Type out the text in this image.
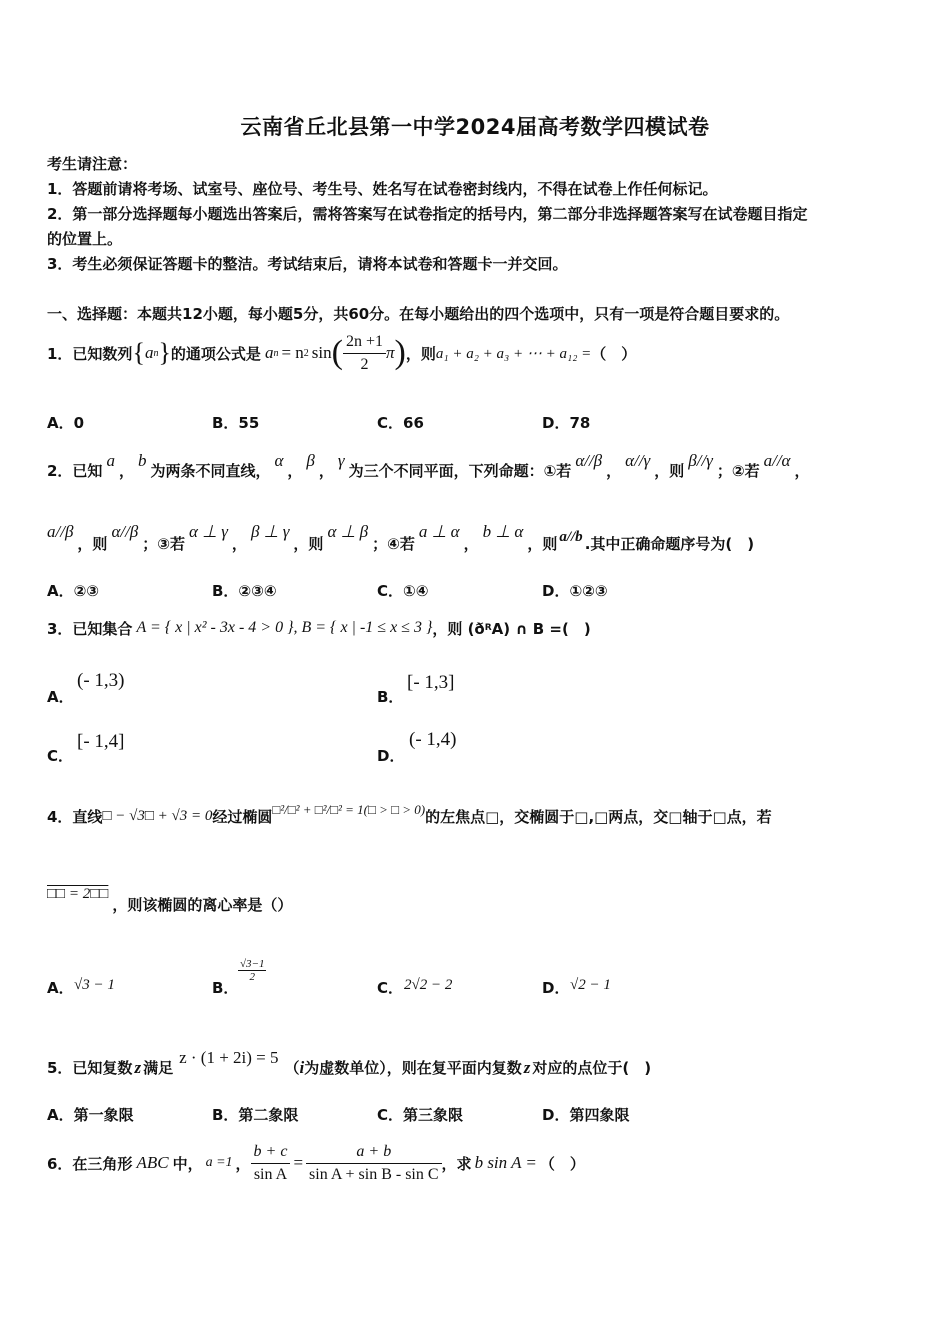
云南省丘北县第一中学2024届高考数学四模试卷
考生请注意：
1．答题前请将考场、试室号、座位号、考生号、姓名写在试卷密封线内，不得在试卷上作任何标记。
2．第一部分选择题每小题选出答案后，需将答案写在试卷指定的括号内，第二部分非选择题答案写在试卷题目指定
的位置上。
3．考生必须保证答题卡的整洁。考试结束后，请将本试卷和答题卡一并交回。
一、选择题：本题共12小题，每小题5分，共60分。在每小题给出的四个选项中，只有一项是符合题目要求的。
1．已知数列 { a n } 的通项公式是 a n = n 2 sin ( $\frac{2n +1}{2}$ π ) ，则 a₁ + a₂ + a₃ + ⋯ + a₁₂ = （　）
A．0	B．55	C．66	D．78
2．已知
a
，
b
为两条不同直线，
α
，
β
，
γ
为三个不同平面，下列命题：①若
α//β
，
α//γ
，则
β//γ
；②若
a//α
，
a//β
，则
α//β
；③若
α ⊥ γ
，
β ⊥ γ
，则
α ⊥ β
；④若
a ⊥ α
，
b ⊥ α
，则 a//b .其中正确命题序号为(　)
A．②③	B．②③④	C．①④	D．①②③
3．已知集合 A = { x | x² - 3x - 4 > 0 }, B = { x | -1 ≤ x ≤ 3 } ，则 (ð R A) ∩ B =(　)
A．
(- 1,3)
B．
[- 1,3]
C．
[- 1,4]
D．
(- 1,4)
4．直线 □ − √3□ + √3 = 0 经过椭圆 □²/□² + □²/□² = 1(□ > □ > 0) 的左焦点□，交椭圆于□,□两点，交□轴于□点，若
□□ = 2□□
，则该椭圆的离心率是（）
A． √3 − 1	B．
$\frac{√3-1}{2}$
C． 2√2 − 2	D． √2 − 1
5．已知复数 z 满足
z · (1 + 2i) = 5
（ i 为虚数单位），则在复平面内复数 z 对应的点位于(　)
A．第一象限	B．第二象限	C．第三象限	D．第四象限
6．在三角形 ABC 中， a =1 ， $\frac{b + c}{\text{sin A}} = \frac{a + b}{\text{sin A + sin B - sin C}}$ ，求 b sin A = （　）
